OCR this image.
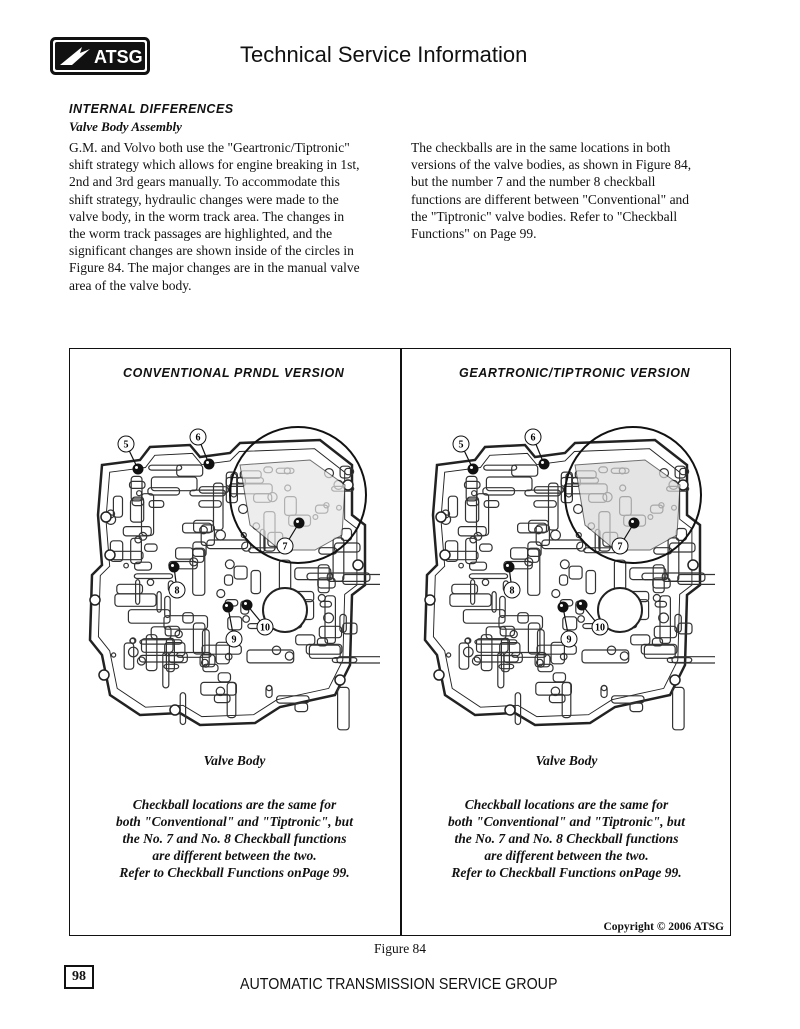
ATSG	Technical Service Information
INTERNAL DIFFERENCES
Valve Body Assembly
G.M. and Volvo both use the "Geartronic/Tiptronic"
shift strategy which allows for engine breaking in 1st,
2nd and 3rd gears manually. To accommodate this
shift strategy, hydraulic changes were made to the
valve body, in the worm track area. The changes in
the worm track passages are highlighted, and the
significant changes are shown inside of the circles in
Figure 84. The major changes are in the manual valve
area of the valve body.
The checkballs are in the same locations in both
versions of the valve bodies, as shown in Figure 84,
but the number 7 and the number 8 checkball
functions are different between "Conventional" and
the "Tiptronic" valve bodies. Refer to "Checkball
Functions" on Page 99.
CONVENTIONAL PRNDL VERSION	GEARTRONIC/TIPTRONIC VERSION
5
6
7
8
9
10
5
6
7
8
9
10
Valve Body	Valve Body
Checkball locations are the same for
both "Conventional" and "Tiptronic", but
the No. 7 and No. 8 Checkball functions
are different between the two.
Refer to Checkball Functions onPage 99.
Checkball locations are the same for
both "Conventional" and "Tiptronic", but
the No. 7 and No. 8 Checkball functions
are different between the two.
Refer to Checkball Functions onPage 99.
Copyright © 2006 ATSG
Figure 84
98	AUTOMATIC TRANSMISSION SERVICE GROUP
